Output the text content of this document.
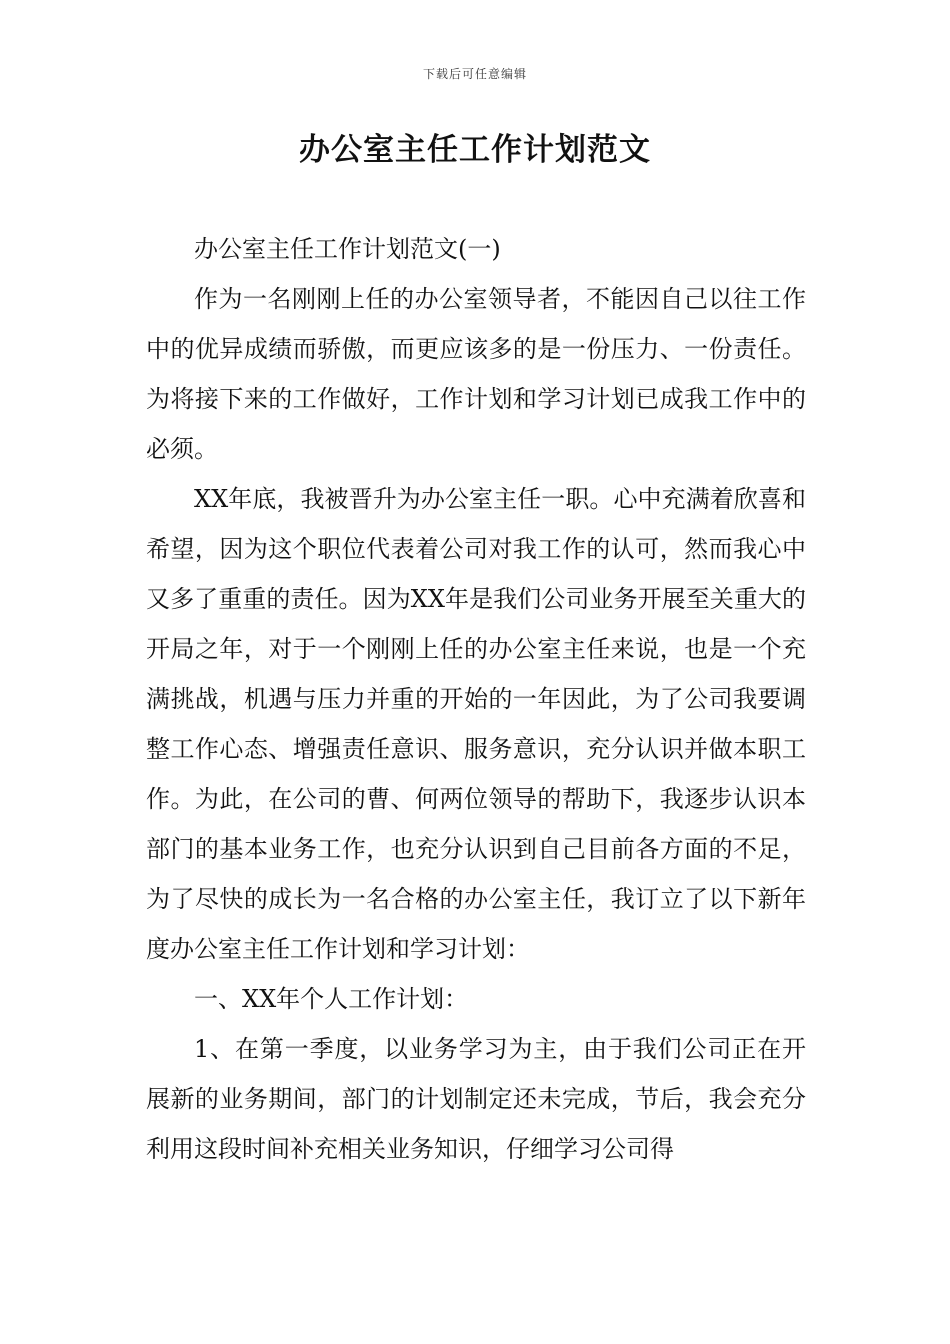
下载后可任意编辑
办公室主任工作计划范文

办公室主任工作计划范文(一)

作为一名刚刚上任的办公室领导者，不能因自己以往工作中的优异成绩而骄傲，而更应该多的是一份压力、一份责任。为将接下来的工作做好，工作计划和学习计划已成我工作中的必须。

XX年底，我被晋升为办公室主任一职。心中充满着欣喜和希望，因为这个职位代表着公司对我工作的认可，然而我心中又多了重重的责任。因为XX年是我们公司业务开展至关重大的开局之年，对于一个刚刚上任的办公室主任来说，也是一个充满挑战，机遇与压力并重的开始的一年因此，为了公司我要调整工作心态、增强责任意识、服务意识，充分认识并做本职工作。为此，在公司的曹、何两位领导的帮助下，我逐步认识本部门的基本业务工作，也充分认识到自己目前各方面的不足，为了尽快的成长为一名合格的办公室主任，我订立了以下新年度办公室主任工作计划和学习计划：

一、XX年个人工作计划：

1、在第一季度，以业务学习为主，由于我们公司正在开展新的业务期间，部门的计划制定还未完成，节后，我会充分利用这段时间补充相关业务知识，仔细学习公司得
